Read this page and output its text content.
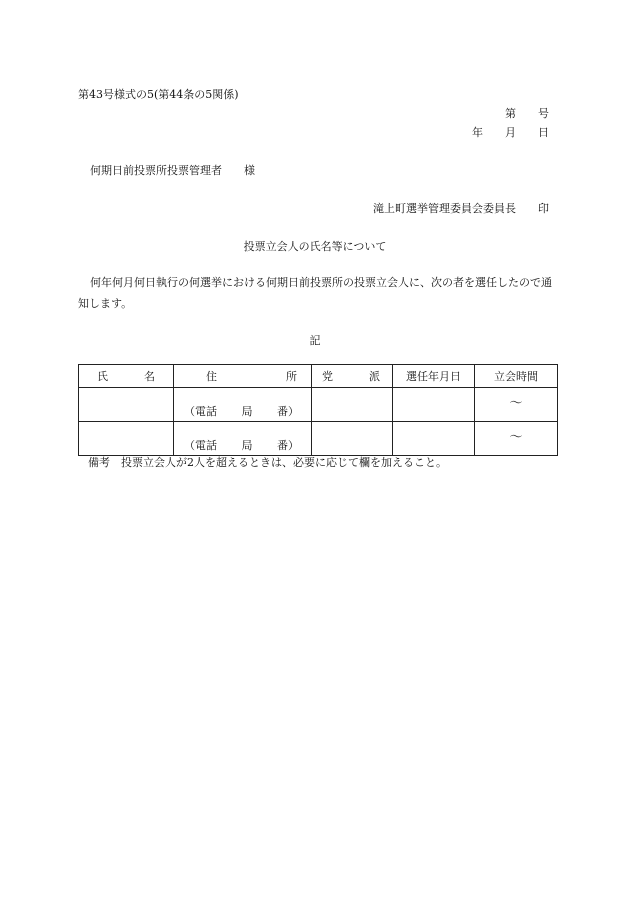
第43号様式の5(第44条の5関係)
第　　号
年　　月　　日
何期日前投票所投票管理者　　様
滝上町選挙管理委員会委員長　　印
投票立会人の氏名等について
何年何月何日執行の何選挙における何期日前投票所の投票立会人に、次の者を選任したので通知します。
記
氏 名	住 所	党 派	選任年月日	立会時間

	（電話 局 番）			～

	（電話 局 番）			～
備考　投票立会人が2人を超えるときは、必要に応じて欄を加えること。
